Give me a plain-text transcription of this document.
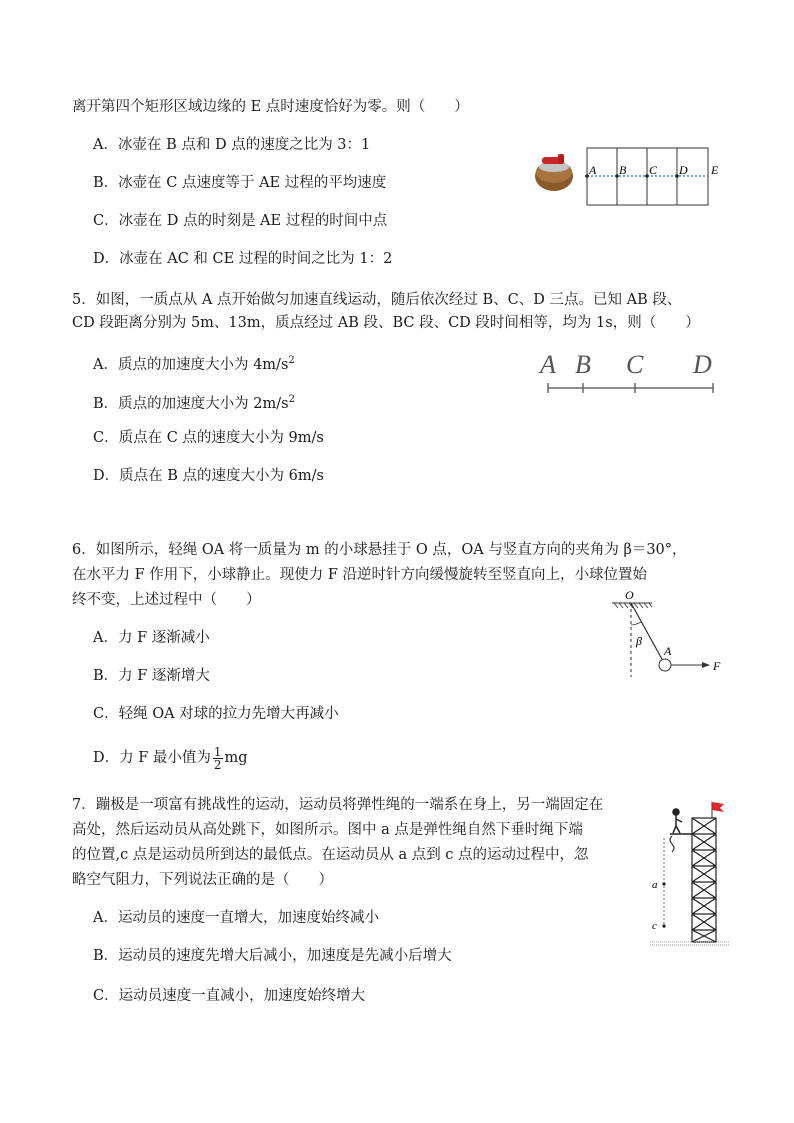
离开第四个矩形区域边缘的 E 点时速度恰好为零。则（　　）
A．冰壶在 B 点和 D 点的速度之比为 3：1
B．冰壶在 C 点速度等于 AE 过程的平均速度
C．冰壶在 D 点的时刻是 AE 过程的时间中点
D．冰壶在 AC 和 CE 过程的时间之比为 1：2
A B C D E
5．如图，一质点从 A 点开始做匀加速直线运动，随后依次经过 B、C、D 三点。已知 AB 段、
CD 段距离分别为 5m、13m，质点经过 AB 段、BC 段、CD 段时间相等，均为 1s，则（　　）
A．质点的加速度大小为 $4m/s^2$
B．质点的加速度大小为 $2m/s^2$
C．质点在 C 点的速度大小为 9m/s
D．质点在 B 点的速度大小为 6m/s
A B C D
6．如图所示，轻绳 OA 将一质量为 m 的小球悬挂于 O 点，OA 与竖直方向的夹角为 β＝30°，
在水平力 F 作用下，小球静止。现使力 F 沿逆时针方向缓慢旋转至竖直向上，小球位置始
终不变，上述过程中（　　）
A．力 F 逐渐减小
B．力 F 逐渐增大
C．轻绳 OA 对球的拉力先增大再减小
D．力 F 最小值为 $\frac{1}{2}$ mg
O
β
A
F
7．蹦极是一项富有挑战性的运动，运动员将弹性绳的一端系在身上，另一端固定在
高处，然后运动员从高处跳下，如图所示。图中 a 点是弹性绳自然下垂时绳下端
的位置,c 点是运动员所到达的最低点。在运动员从 a 点到 c 点的运动过程中，忽
略空气阻力，下列说法正确的是（　　）
A．运动员的速度一直增大，加速度始终减小
B．运动员的速度先增大后减小，加速度是先减小后增大
C．运动员速度一直减小，加速度始终增大
a
c
